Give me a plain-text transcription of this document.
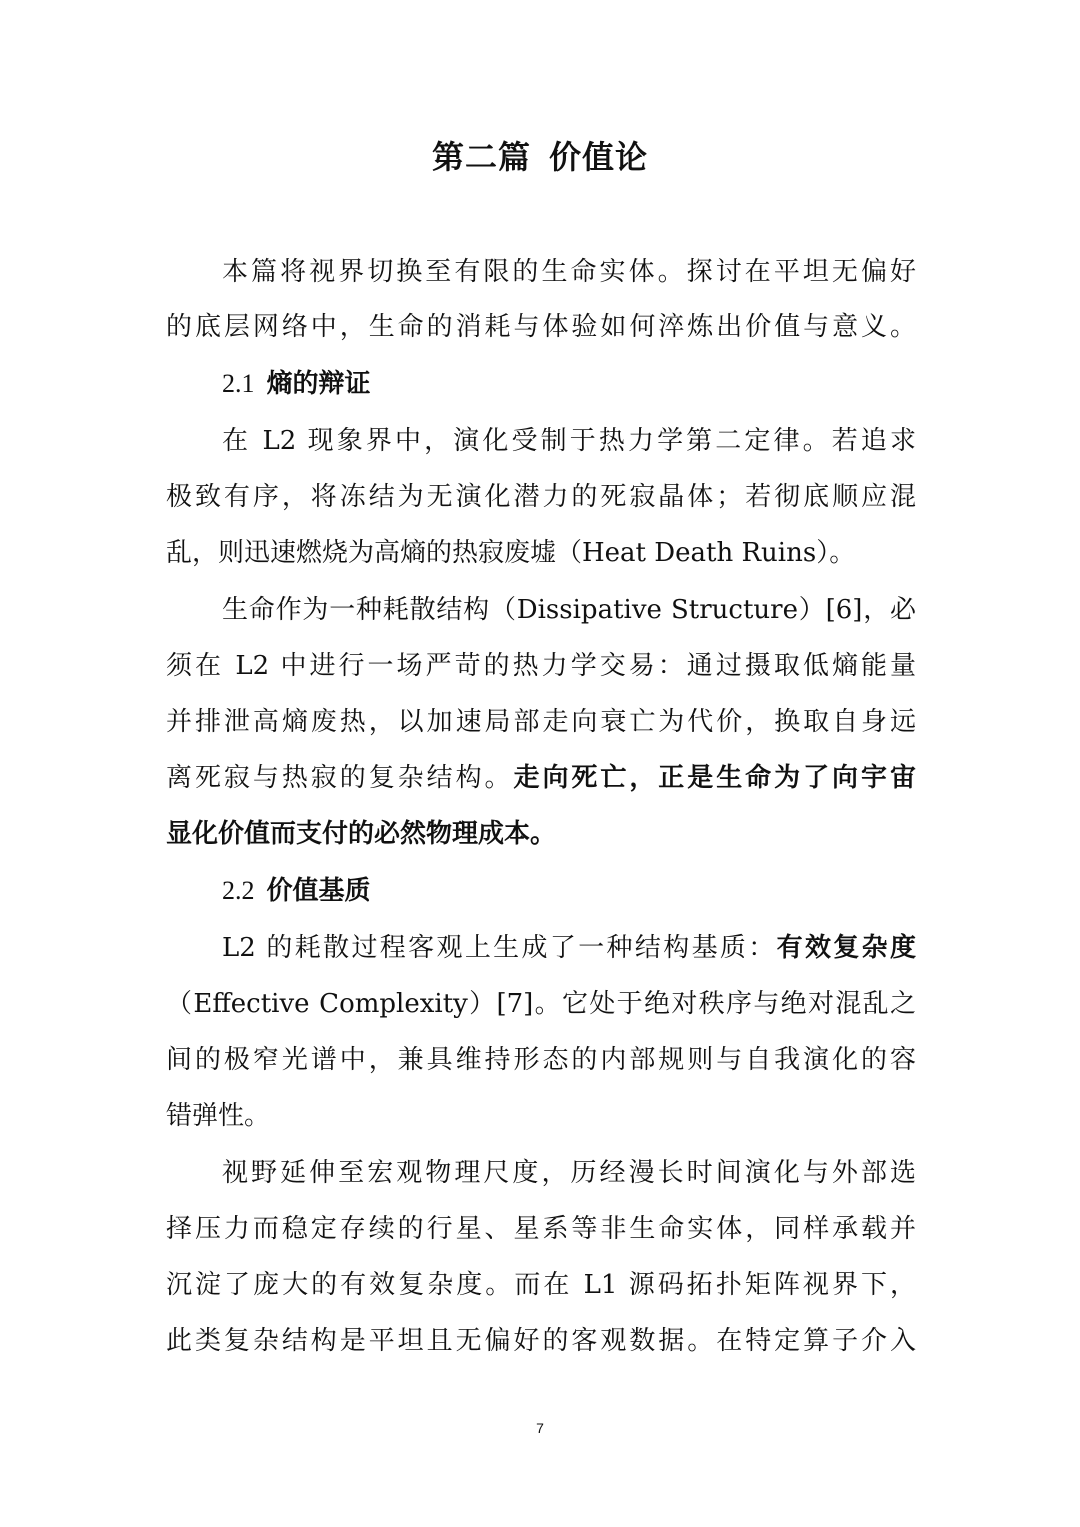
第二篇 价值论
本篇将视界切换至有限的生命实体。探讨在平坦无偏好
的底层网络中，生命的消耗与体验如何淬炼出价值与意义。
2.1 熵的辩证
在 L2 现象界中，演化受制于热力学第二定律。若追求
极致有序，将冻结为无演化潜力的死寂晶体；若彻底顺应混
乱，则迅速燃烧为高熵的热寂废墟（Heat Death Ruins）。
生命作为一种耗散结构（Dissipative Structure）[6]，必
须在 L2 中进行一场严苛的热力学交易：通过摄取低熵能量
并排泄高熵废热，以加速局部走向衰亡为代价，换取自身远
离死寂与热寂的复杂结构。走向死亡，正是生命为了向宇宙
显化价值而支付的必然物理成本。
2.2 价值基质
L2 的耗散过程客观上生成了一种结构基质：有效复杂度
（Effective Complexity）[7]。它处于绝对秩序与绝对混乱之
间的极窄光谱中，兼具维持形态的内部规则与自我演化的容
错弹性。
视野延伸至宏观物理尺度，历经漫长时间演化与外部选
择压力而稳定存续的行星、星系等非生命实体，同样承载并
沉淀了庞大的有效复杂度。而在 L1 源码拓扑矩阵视界下，
此类复杂结构是平坦且无偏好的客观数据。在特定算子介入
7
